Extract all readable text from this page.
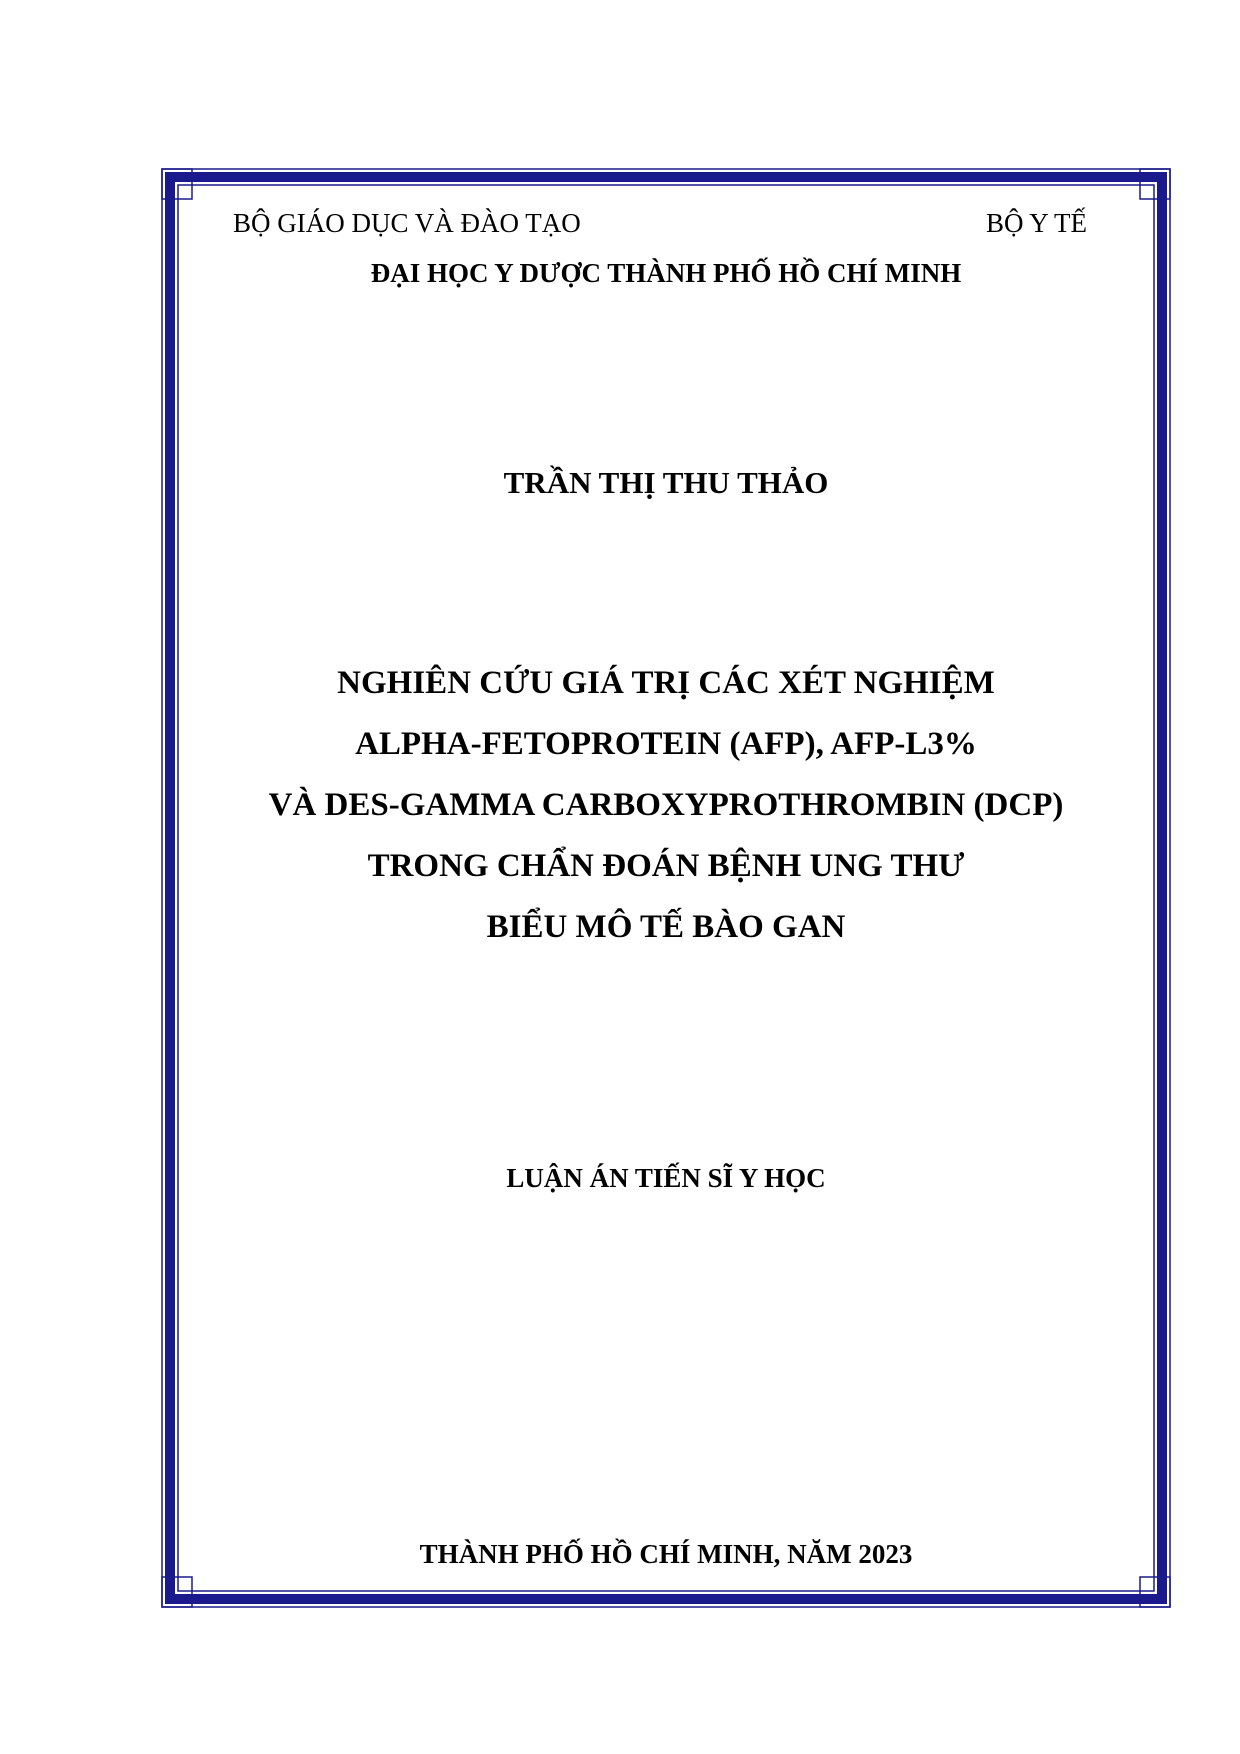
BỘ GIÁO DỤC VÀ ĐÀO TẠO	BỘ Y TẾ
ĐẠI HỌC Y DƯỢC THÀNH PHỐ HỒ CHÍ MINH
TRẦN THỊ THU THẢO
NGHIÊN CỨU GIÁ TRỊ CÁC XÉT NGHIỆM
ALPHA-FETOPROTEIN (AFP), AFP-L3%
VÀ DES-GAMMA CARBOXYPROTHROMBIN (DCP)
TRONG CHẨN ĐOÁN BỆNH UNG THƯ
BIỂU MÔ TẾ BÀO GAN
LUẬN ÁN TIẾN SĨ Y HỌC
THÀNH PHỐ HỒ CHÍ MINH, NĂM 2023
